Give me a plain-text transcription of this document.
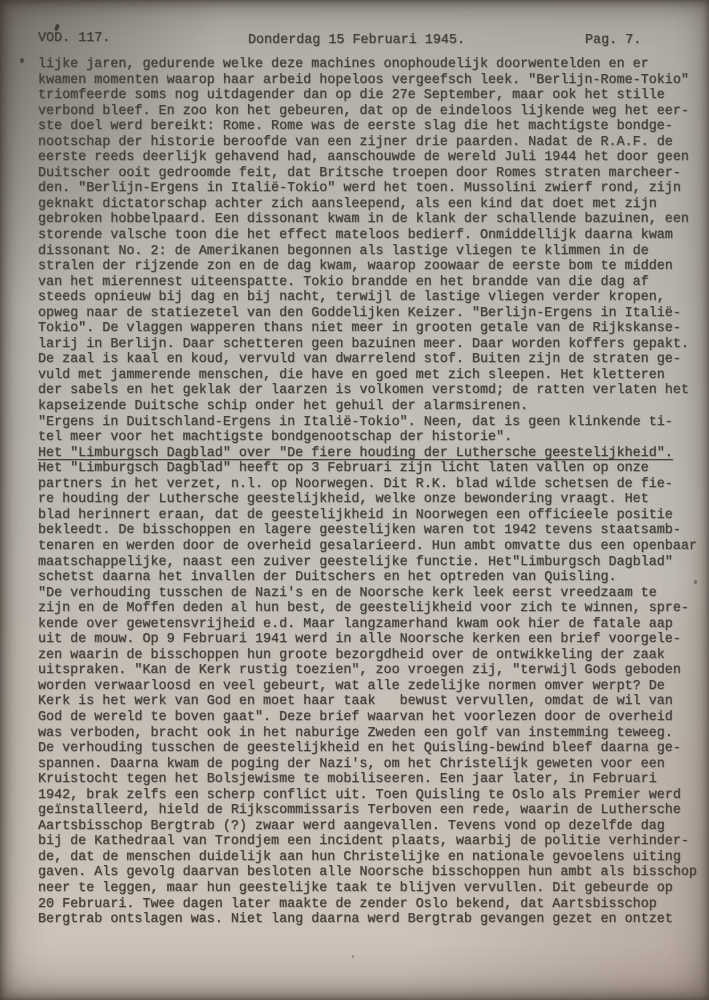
VOD. 117.	Donderdag 15 Februari 1945.	Pag. 7.
lijke jaren, gedurende welke deze machines onophoudelijk doorwentelden en er
kwamen momenten waarop haar arbeid hopeloos vergeefsch leek. "Berlijn-Rome-Tokio"
triomfeerde soms nog uitdagender dan op die 27e September, maar ook het stille
verbond bleef. En zoo kon het gebeuren, dat op de eindeloos lijkende weg het eer-
ste doel werd bereikt: Rome. Rome was de eerste slag die het machtigste bondge-
nootschap der historie beroofde van een zijner drie paarden. Nadat de R.A.F. de
eerste reeds deerlijk gehavend had, aanschouwde de wereld Juli 1944 het door geen
Duitscher ooit gedroomde feit, dat Britsche troepen door Romes straten marcheer-
den. "Berlijn-Ergens in Italië-Tokio" werd het toen. Mussolini zwierf rond, zijn
geknakt dictatorschap achter zich aansleepend, als een kind dat doet met zijn
gebroken hobbelpaard. Een dissonant kwam in de klank der schallende bazuinen, een
storende valsche toon die het effect mateloos bedierf. Onmiddellijk daarna kwam
dissonant No. 2: de Amerikanen begonnen als lastige vliegen te klimmen in de
stralen der rijzende zon en de dag kwam, waarop zoowaar de eerste bom te midden
van het mierennest uiteenspatte. Tokio brandde en het brandde van die dag af
steeds opnieuw bij dag en bij nacht, terwijl de lastige vliegen verder kropen,
opweg naar de statiezetel van den Goddelijken Keizer. "Berlijn-Ergens in Italië-
Tokio". De vlaggen wapperen thans niet meer in grooten getale van de Rijkskanse-
larij in Berlijn. Daar schetteren geen bazuinen meer. Daar worden koffers gepakt.
De zaal is kaal en koud, vervuld van dwarrelend stof. Buiten zijn de straten ge-
vuld met jammerende menschen, die have en goed met zich sleepen. Het kletteren
der sabels en het geklak der laarzen is volkomen verstomd; de ratten verlaten het
kapseizende Duitsche schip onder het gehuil der alarmsirenen.
"Ergens in Duitschland-Ergens in Italië-Tokio". Neen, dat is geen klinkende ti-
tel meer voor het machtigste bondgenootschap der historie".
Het "Limburgsch Dagblad" over "De fiere houding der Luthersche geestelijkheid".
Het "Limburgsch Dagblad" heeft op 3 Februari zijn licht laten vallen op onze
partners in het verzet, n.l. op Noorwegen. Dit R.K. blad wilde schetsen de fie-
re houding der Luthersche geestelijkheid, welke onze bewondering vraagt. Het
blad herinnert eraan, dat de geestelijkheid in Noorwegen een officieele positie
bekleedt. De bisschoppen en lagere geestelijken waren tot 1942 tevens staatsamb-
tenaren en werden door de overheid gesalarieerd. Hun ambt omvatte dus een openbaar
maatschappelijke, naast een zuiver geestelijke functie. Het"Limburgsch Dagblad"
schetst daarna het invallen der Duitschers en het optreden van Quisling.
"De verhouding tusschen de Nazi's en de Noorsche kerk leek eerst vreedzaam te
zijn en de Moffen deden al hun best, de geestelijkheid voor zich te winnen, spre-
kende over gewetensvrijheid e.d. Maar langzamerhand kwam ook hier de fatale aap
uit de mouw. Op 9 Februari 1941 werd in alle Noorsche kerken een brief voorgele-
zen waarin de bisschoppen hun groote bezorgdheid over de ontwikkeling der zaak
uitspraken. "Kan de Kerk rustig toezien", zoo vroegen zij, "terwijl Gods geboden
worden verwaarloosd en veel gebeurt, wat alle zedelijke normen omver werpt? De
Kerk is het werk van God en moet haar taak   bewust vervullen, omdat de wil van
God de wereld te boven gaat". Deze brief waarvan het voorlezen door de overheid
was verboden, bracht ook in het naburige Zweden een golf van instemming teweeg.
De verhouding tusschen de geestelijkheid en het Quisling-bewind bleef daarna ge-
spannen. Daarna kwam de poging der Nazi's, om het Christelijk geweten voor een
Kruistocht tegen het Bolsjewisme te mobiliseeren. Een jaar later, in Februari
1942, brak zelfs een scherp conflict uit. Toen Quisling te Oslo als Premier werd
geïnstalleerd, hield de Rijkscommissaris Terboven een rede, waarin de Luthersche
Aartsbisschop Bergtrab (?) zwaar werd aangevallen. Tevens vond op dezelfde dag
bij de Kathedraal van Trondjem een incident plaats, waarbij de politie verhinder-
de, dat de menschen duidelijk aan hun Christelijke en nationale gevoelens uiting
gaven. Als gevolg daarvan besloten alle Noorsche bisschoppen hun ambt als bisschop
neer te leggen, maar hun geestelijke taak te blijven vervullen. Dit gebeurde op
20 Februari. Twee dagen later maakte de zender Oslo bekend, dat Aartsbisschop
Bergtrab ontslagen was. Niet lang daarna werd Bergtrab gevangen gezet en ontzet
